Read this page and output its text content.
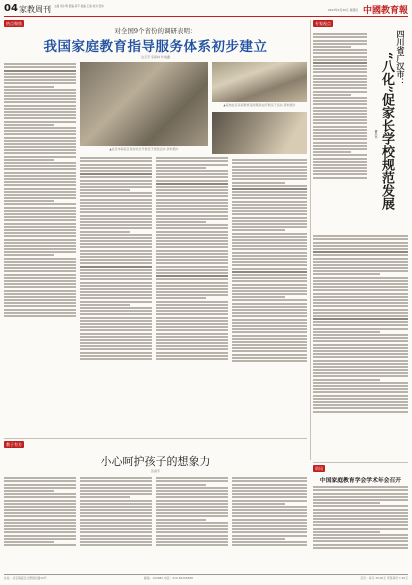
04 家教周刊 主编 刘小明 责编 孙平 美编 王丽 校对 张伟	中國教育報
2023年4月20日 星期四
热点聚焦
对全国9个省份的调研表明：
我国家庭教育指导服务体系初步建立
边玉芳 宋保林 叶晨鑫
▲北京市海淀区某校家长开展亲子阅读活动 资料图片
▲某地社区家庭教育指导服务站开展亲子活动 资料图片
专家视点
四川省广汉市：
“八化”促家长学校规范发展
黄小平
教子有方
小心呵护孩子的想象力
张淑芳	资讯
中国家庭教育学会学术年会召开
社址：北京海淀区文慧园北路10号	邮编：100082 电话：010-82296588	定价：每月 30.00元 零售每份 1.50元
